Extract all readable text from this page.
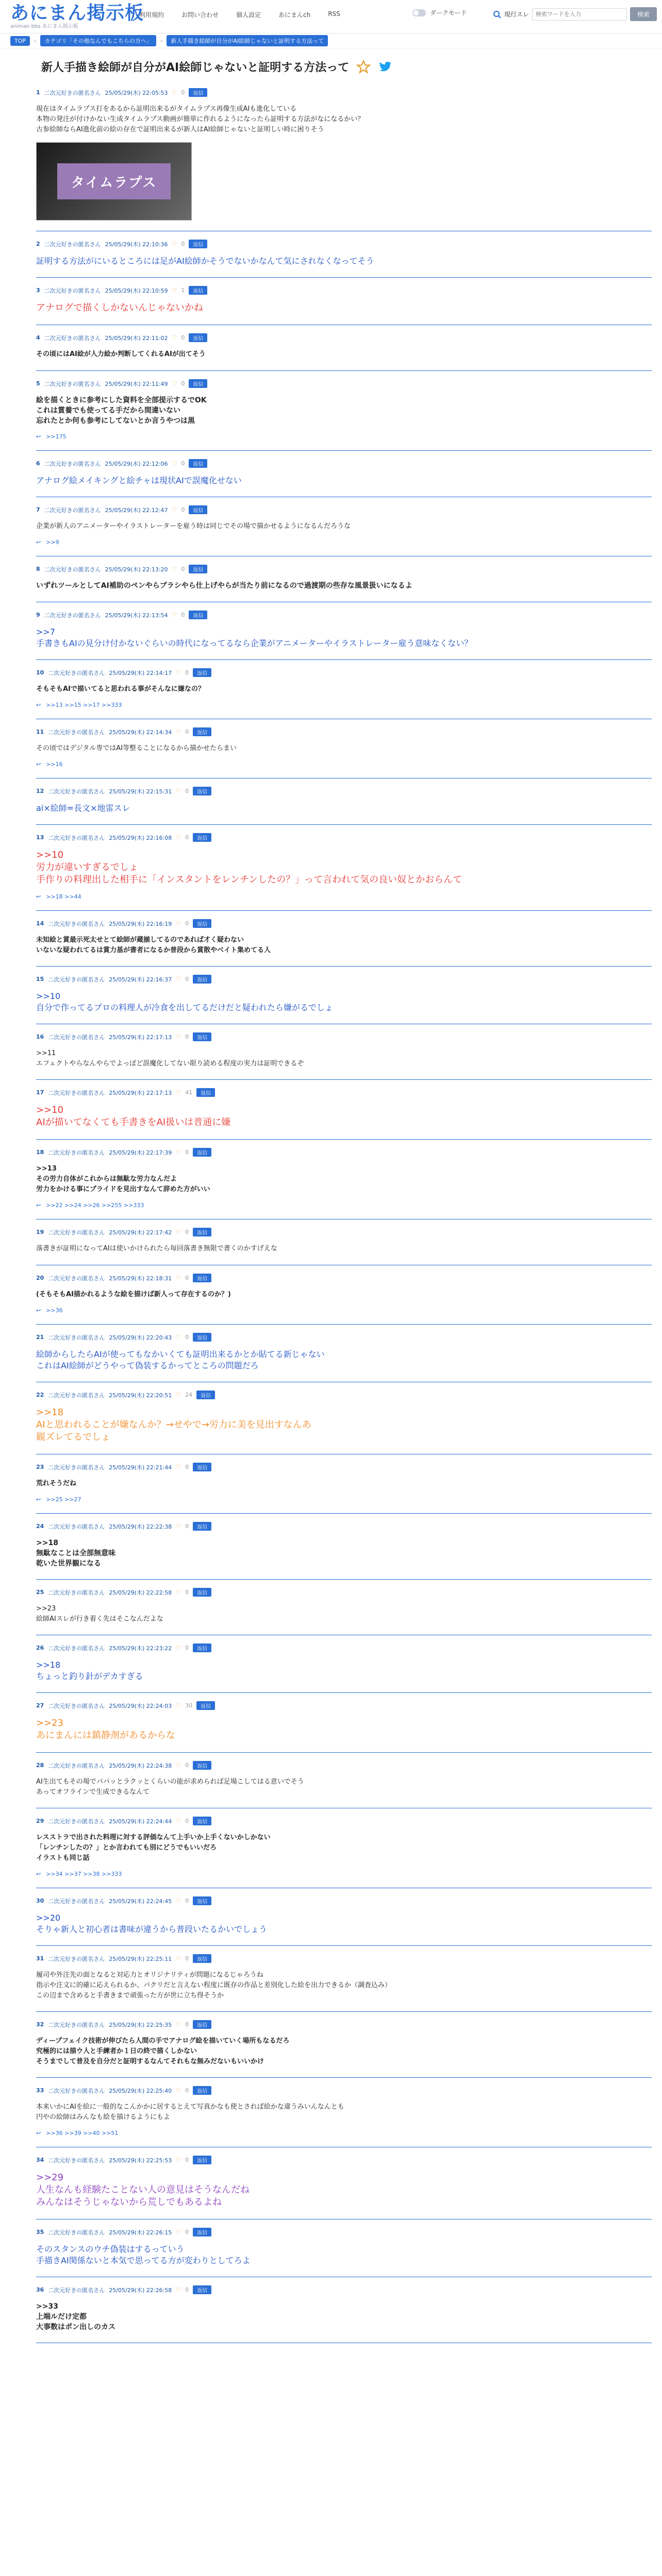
あにまん掲示板
animan bbs あにまん掲示板
利用規約	お問い合わせ	個人設定	あにまんch	RSS	ダークモード	現行スレ
検索ワードを入力	検索
TOP	›	カテゴリ「その他なんでもこちらの方へ」	›	新人手描き絵師が自分がAI絵師じゃないと証明する方法って
新人手描き絵師が自分がAI絵師じゃないと証明する方法って
1 二次元好きの匿名さん 25/05/29(木) 22:05:53 ♡ 0	返信
現在はタイムラプス打をあるから証明出来るがタイムラプス再像生成AIも進化している
本物の発注が付けかない生成タイムラプス動画が簡単に作れるようになったら証明する方法がなになるかい？
古参絵師ならAI進化前の絵の存在で証明出来るが新人はAI絵師じゃないと証明しい時に困りそう
タイムラプス
2 二次元好きの匿名さん 25/05/29(木) 22:10:36 ♡ 0	返信
証明する方法がにいるところには足がAI絵師かそうでないかなんて気にされなくなってそう
3 二次元好きの匿名さん 25/05/29(木) 22:10:59 ♡ 1	返信
アナログで描くしかないんじゃないかね
4 二次元好きの匿名さん 25/05/29(木) 22:11:02 ♡ 0	返信
その頃にはAI絵が人力絵か判断してくれるAIが出てそう
5 二次元好きの匿名さん 25/05/29(木) 22:11:49 ♡ 0	返信
絵を描くときに参考にした資料を全部提示するでOK
これは賞養でも使ってる手だから間違いない
忘れたとか何も参考にしてないとか言うやつは黒
↩ >>175
6 二次元好きの匿名さん 25/05/29(木) 22:12:06 ♡ 0	返信
アナログ絵メイキングと絵チャは現状AIで誤魔化せない
7 二次元好きの匿名さん 25/05/29(木) 22:12:47 ♡ 0	返信
企業が新人のアニメーターやイラストレーターを雇う時は同じでその場で描かせるようになるんだろうな
↩ >>9
8 二次元好きの匿名さん 25/05/29(木) 22:13:20 ♡ 0	返信
いずれツールとしてAI補助のペンやらブラシやら仕上げやらが当たり前になるので過渡期の些存な風景扱いになるよ
9 二次元好きの匿名さん 25/05/29(木) 22:13:54 ♡ 0	返信
>>7
手書きもAIの見分け付かないぐらいの時代になってるなら企業がアニメーターやイラストレーター雇う意味なくない？
10 二次元好きの匿名さん 25/05/29(木) 22:14:17 ♡ 0	返信
そもそもAIで描いてると思われる事がそんなに嫌なの？
↩ >>13 >>15 >>17 >>333
11 二次元好きの匿名さん 25/05/29(木) 22:14:34 ♡ 0	返信
その頃ではデジタル専ではAI等整ることになるから描かせたらまい
↩ >>16
12 二次元好きの匿名さん 25/05/29(木) 22:15:31 ♡ 0	返信
ai×絵師=長文×地雷スレ
13 二次元好きの匿名さん 25/05/29(木) 22:16:08 ♡ 0	返信
>>10
労力が違いすぎるでしょ
手作りの料理出した相手に「インスタントをレンチンしたの？」って言われて気の良い奴とかおらんて
↩ >>18 >>44
14 二次元好きの匿名さん 25/05/29(木) 22:16:19 ♡ 0	返信
未知絵と賞最示死太せとて絵師が蔵揃してるのであれば才く疑わない
いないな疑われてるは賞力基が書者になるか普段から賞散やベイト集めてる人
15 二次元好きの匿名さん 25/05/29(木) 22:16:37 ♡ 0	返信
>>10
自分で作ってるプロの料理人が冷食を出してるだけだと疑われたら嫌がるでしょ
16 二次元好きの匿名さん 25/05/29(木) 22:17:13 ♡ 0	返信
>>11
エフェクトやらなんやらでよっぽど誤魔化してない限り読める程度の実力は証明できるぞ
17 二次元好きの匿名さん 25/05/29(木) 22:17:13 ♡ 41	返信
>>10
AIが描いてなくても手書きをAI扱いは普通に嫌
18 二次元好きの匿名さん 25/05/29(木) 22:17:39 ♡ 0	返信
>>13
その労力自体がこれからは無駄な労力なんだよ
労力をかける事にプライドを見出すなんて辞めた方がいい
↩ >>22 >>24 >>26 >>255 >>333
19 二次元好きの匿名さん 25/05/29(木) 22:17:42 ♡ 0	返信
落書きが証明になってAIは使いかけられたら毎回落書き無限で書くのかすげえな
20 二次元好きの匿名さん 25/05/29(木) 22:18:31 ♡ 0	返信
(そもそもAI描かれるような絵を描けば新人って存在するのか？)
↩ >>36
21 二次元好きの匿名さん 25/05/29(木) 22:20:43 ♡ 0	返信
絵師からしたらAIが使ってもなかいくても証明出来るかとか貼てる新じゃない
これはAI絵師がどうやって偽装するかってところの問題だろ
22 二次元好きの匿名さん 25/05/29(木) 22:20:51 ♡ 24	返信
>>18
AIと思われることが嫌なんか？→せやで→労力に美を見出すなんあ
観ズレてるでしょ
23 二次元好きの匿名さん 25/05/29(木) 22:21:44 ♡ 0	返信
荒れそうだね
↩ >>25 >>27
24 二次元好きの匿名さん 25/05/29(木) 22:22:38 ♡ 0	返信
>>18
無駄なことは全部無意味
乾いた世界観になる
25 二次元好きの匿名さん 25/05/29(木) 22:22:58 ♡ 0	返信
>>23
絵師AIスレが行き着く先はそこなんだよな
26 二次元好きの匿名さん 25/05/29(木) 22:23:22 ♡ 0	返信
>>18
ちょっと釣り針がデカすぎる
27 二次元好きの匿名さん 25/05/29(木) 22:24:03 ♡ 30	返信
>>23
あにまんには鎮静剤があるからな
28 二次元好きの匿名さん 25/05/29(木) 22:24:38 ♡ 0	返信
AI生出てもその場でパパッとラクッとくらいの能が求められば足場こしてはる意いでそう
あってオフラインで生成できるなんて
29 二次元好きの匿名さん 25/05/29(木) 22:24:44 ♡ 0	返信
レスストラで出された料理に対する評価なんて上手いか上手くないかしかない
「レンチンしたの？」とか言われても別にどうでもいいだろ
イラストも同じ話
↩ >>34 >>37 >>38 >>333
30 二次元好きの匿名さん 25/05/29(木) 22:24:45 ♡ 0	返信
>>20
そりゃ新人と初心者は書味が違うから普段いたるかいでしょう
31 二次元好きの匿名さん 25/05/29(木) 22:25:11 ♡ 0	返信
履司や外注先の面となると対応力とオリジナリティが問題になるじゃろうね
指示や注文に的確に応えられるか、パクリだと言えない程度に既存の作品と差別化した絵を出力できるか（調査込み）
この辺まで含めると手書きまで頑張った方が世に立ち得そうか
32 二次元好きの匿名さん 25/05/29(木) 22:25:35 ♡ 0	返信
ディープフェイク技術が伸びたら人間の手でアナログ絵を描いていく場所もなるだろ
究極的には描ウ人と手練者か１日の終で描くしかない
そうまでして普及を自分だと証明するなんてそれもな無みだないもいいかけ
33 二次元好きの匿名さん 25/05/29(木) 22:25:40 ♡ 0	返信
本来いかにAIを絵に一般的なこんかかに居するとえて写真かなも使とされば絵かな違うみいんなんとも
円やの絵師はみんなも絵を描けるようにもよ
↩ >>36 >>39 >>40 >>51
34 二次元好きの匿名さん 25/05/29(木) 22:25:53 ♡ 0	返信
>>29
人生なんも経験たことない人の意見はそうなんだね
みんなはそうじゃないから荒しでもあるよね
35 二次元好きの匿名さん 25/05/29(木) 22:26:15 ♡ 0	返信
そのスタンスのウチ偽装はするっていう
手描きAI関係ないと本気で思ってる方が変わりとしてろよ
36 二次元好きの匿名さん 25/05/29(木) 22:26:58 ♡ 0	返信
>>33
上端ルだけ定都
大事数はポン出しのカス
